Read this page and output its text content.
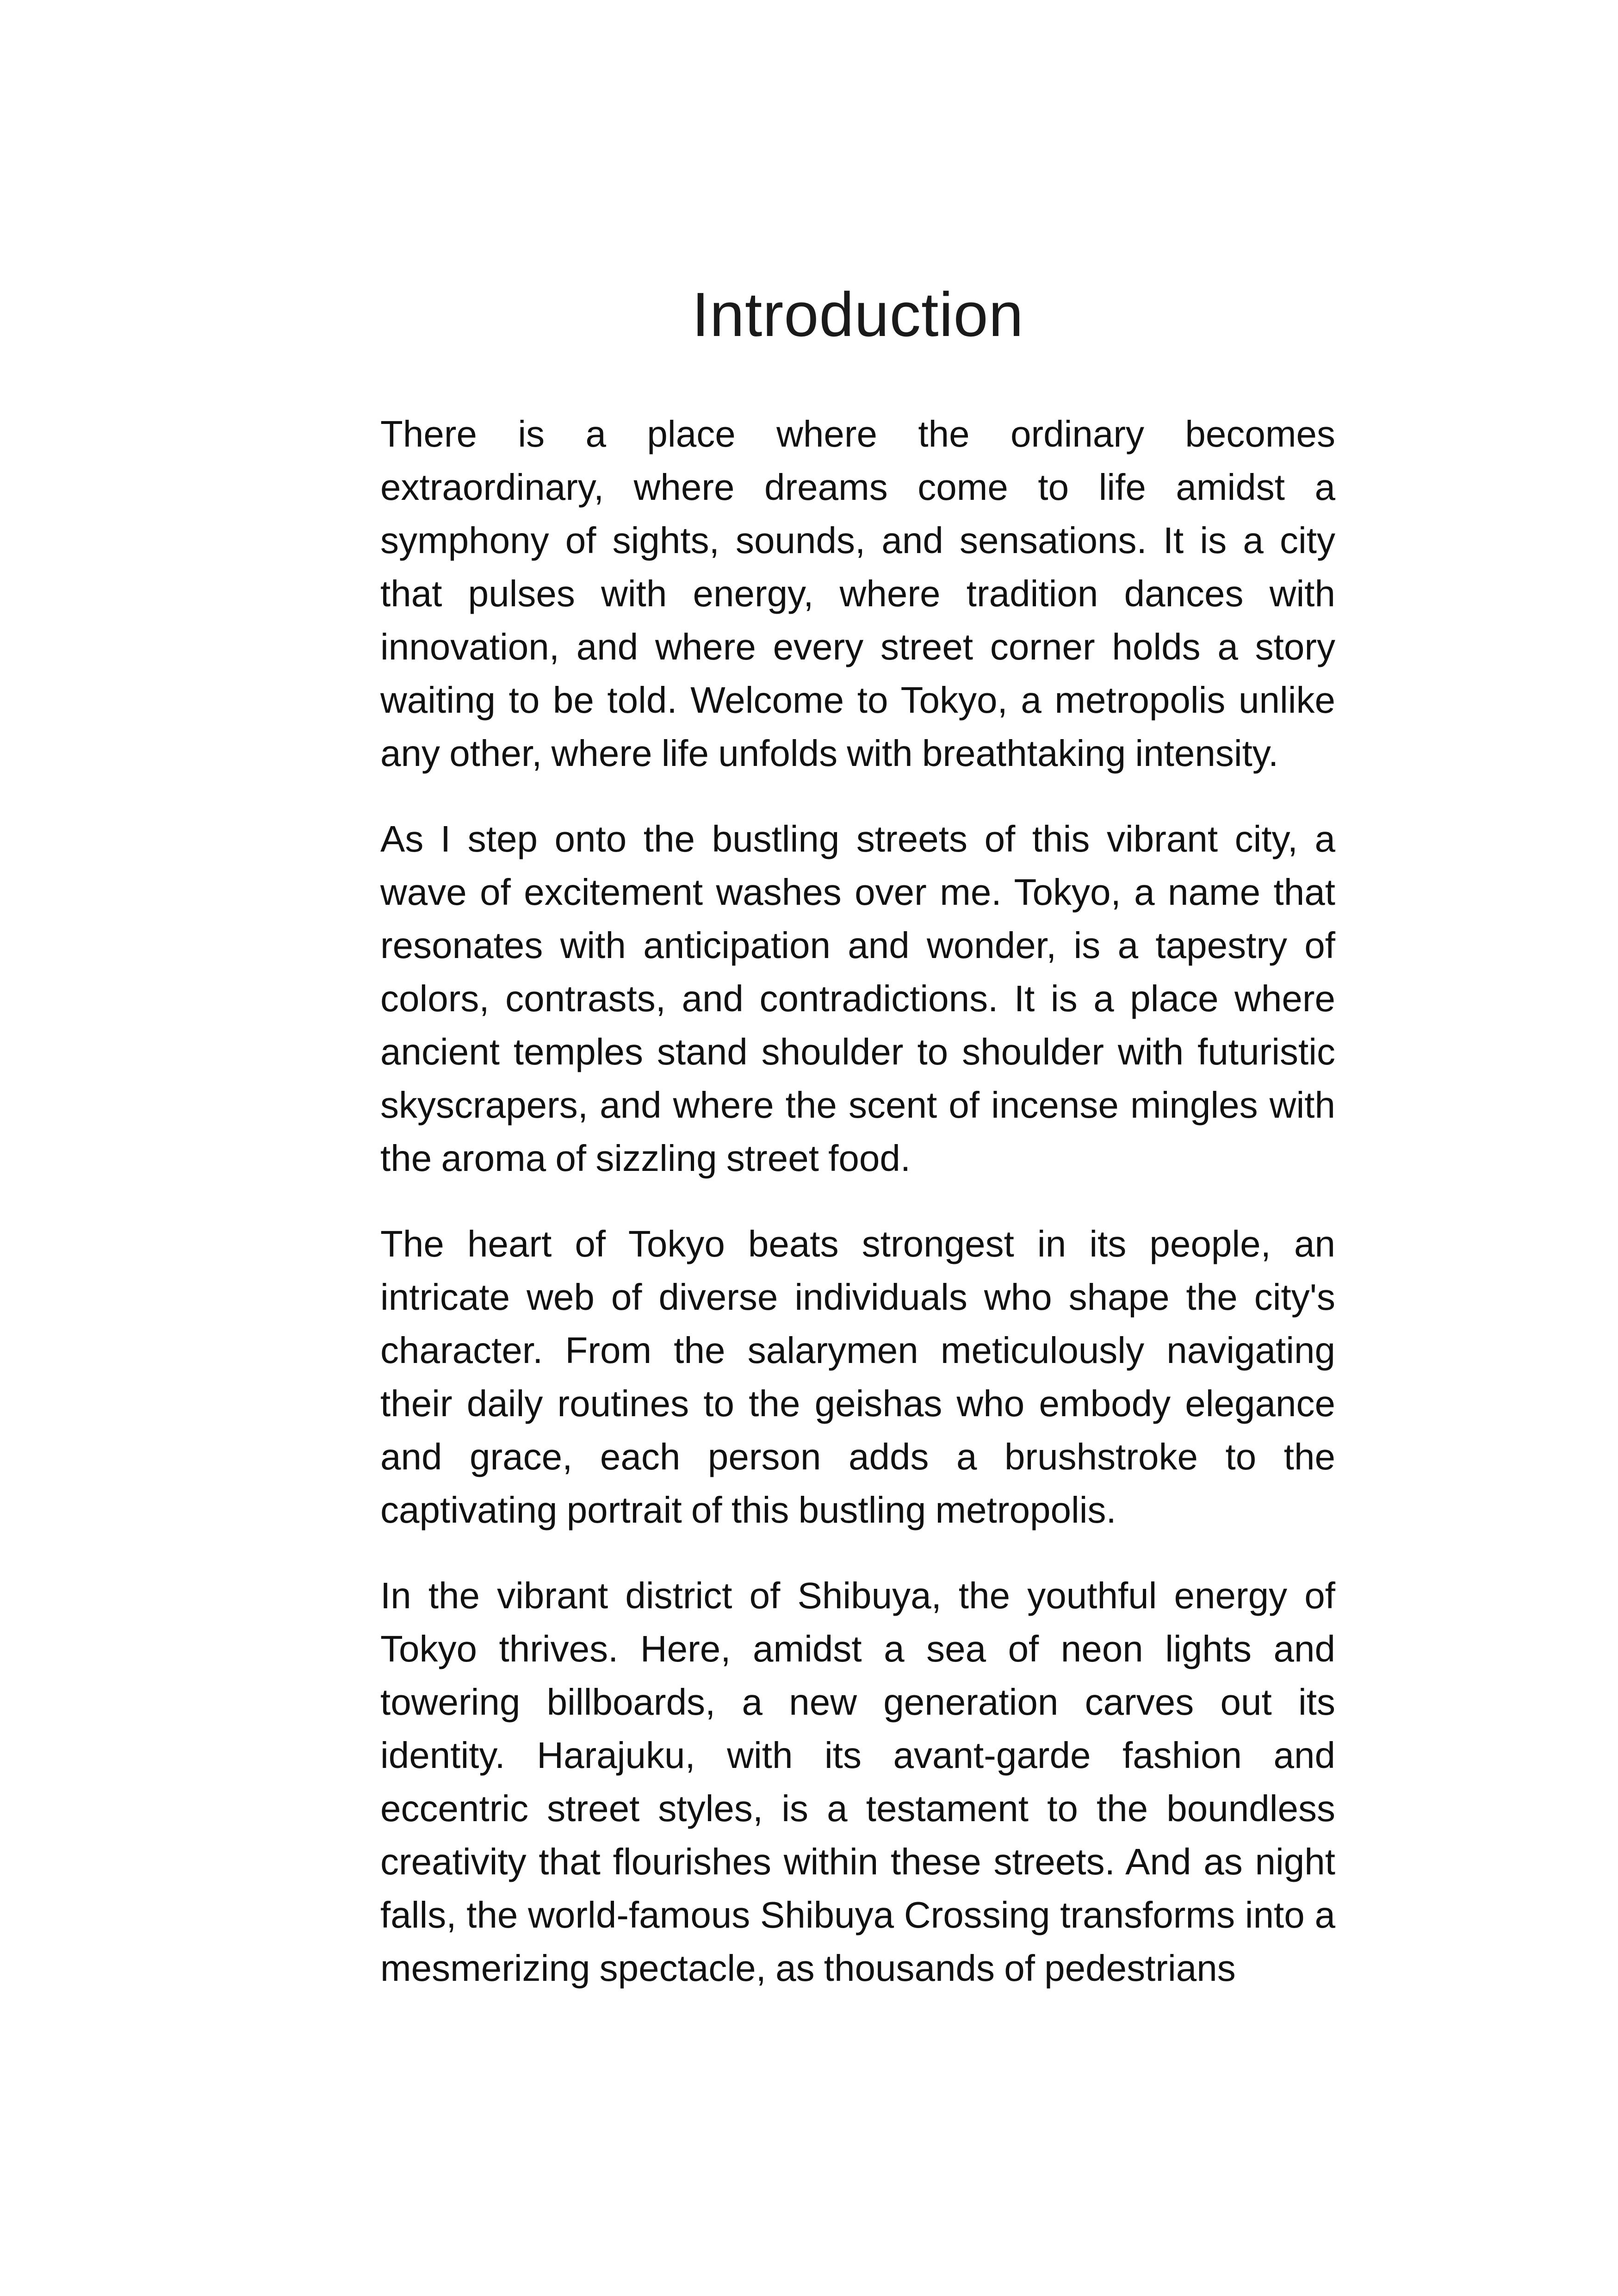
Introduction

There is a place where the ordinary becomes extraordinary, where dreams come to life amidst a symphony of sights, sounds, and sensations. It is a city that pulses with energy, where tradition dances with innovation, and where every street corner holds a story waiting to be told. Welcome to Tokyo, a metropolis unlike any other, where life unfolds with breathtaking intensity.

As I step onto the bustling streets of this vibrant city, a wave of excitement washes over me. Tokyo, a name that resonates with anticipation and wonder, is a tapestry of colors, contrasts, and contradictions. It is a place where ancient temples stand shoulder to shoulder with futuristic skyscrapers, and where the scent of incense mingles with the aroma of sizzling street food.

The heart of Tokyo beats strongest in its people, an intricate web of diverse individuals who shape the city's character. From the salarymen meticulously navigating their daily routines to the geishas who embody elegance and grace, each person adds a brushstroke to the captivating portrait of this bustling metropolis.

In the vibrant district of Shibuya, the youthful energy of Tokyo thrives. Here, amidst a sea of neon lights and towering billboards, a new generation carves out its identity. Harajuku, with its avant-garde fashion and eccentric street styles, is a testament to the boundless creativity that flourishes within these streets. And as night falls, the world-famous Shibuya Crossing transforms into a mesmerizing spectacle, as thousands of pedestrians
